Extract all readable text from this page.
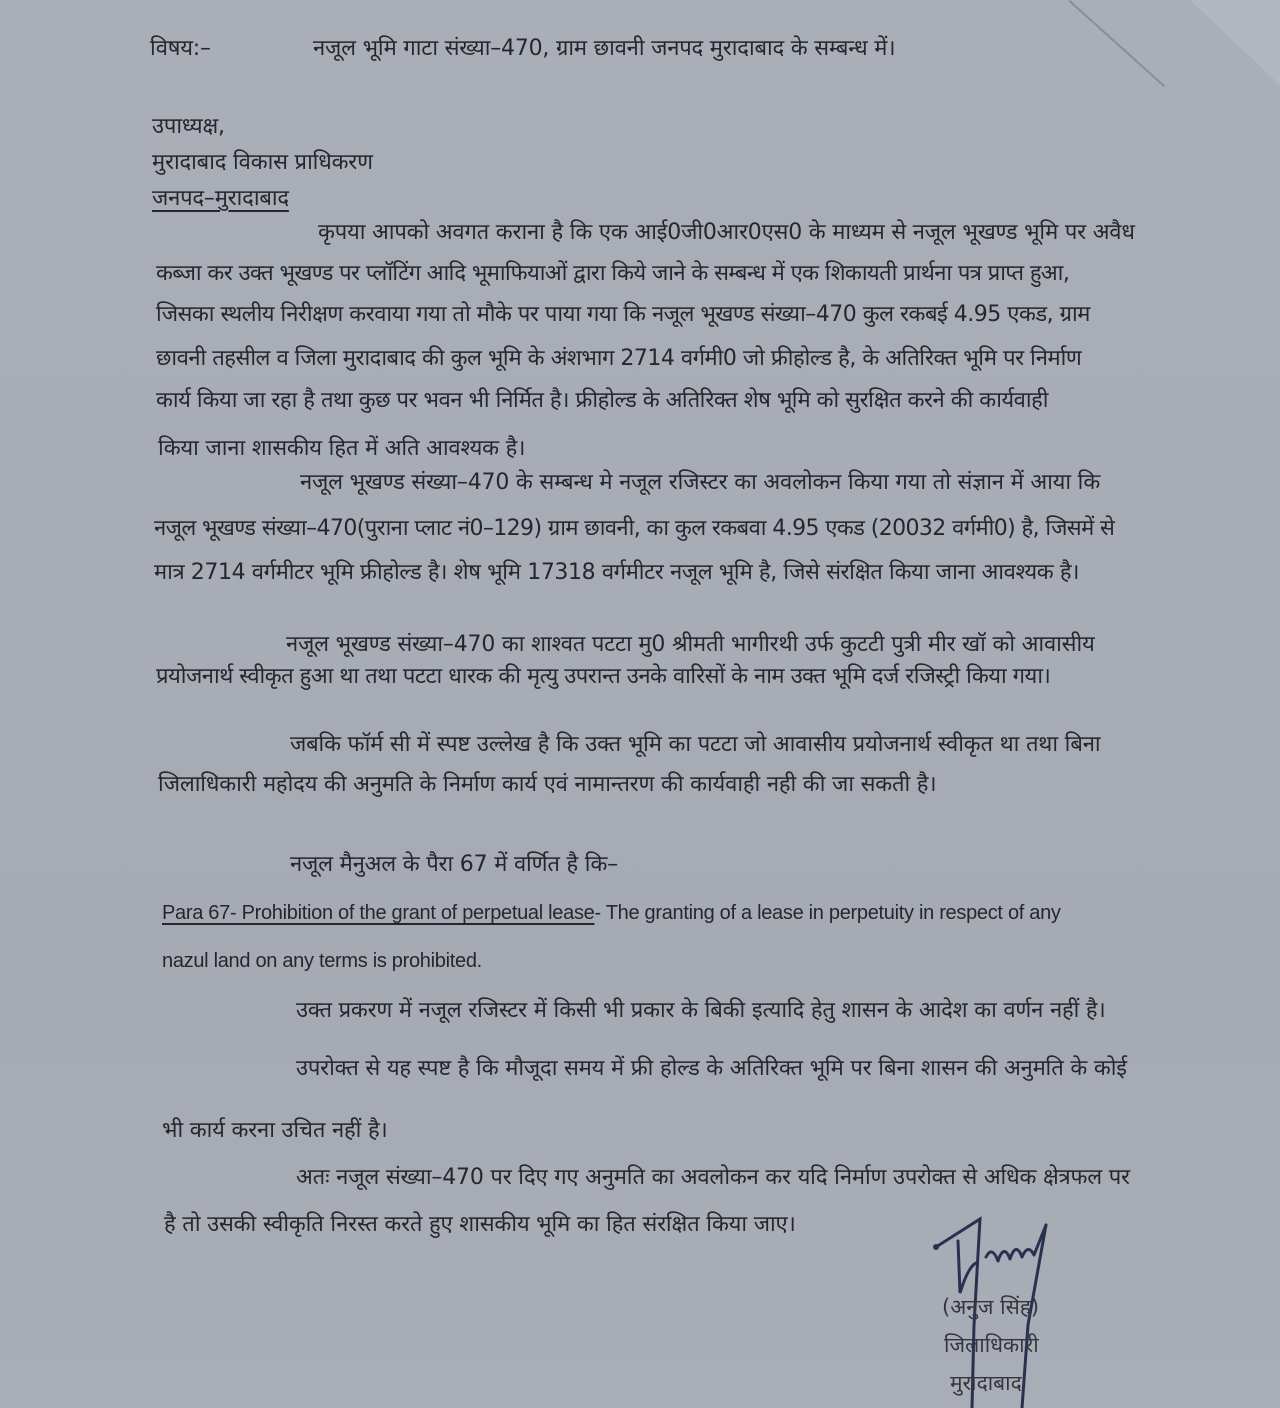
विषय:–	नजूल भूमि गाटा संख्या–470, ग्राम छावनी जनपद मुरादाबाद के सम्बन्ध में।
उपाध्यक्ष,
मुरादाबाद विकास प्राधिकरण
जनपद–मुरादाबाद
कृपया आपको अवगत कराना है कि एक आई0जी0आर0एस0 के माध्यम से नजूल भूखण्ड भूमि पर अवैध
कब्जा कर उक्त भूखण्ड पर प्लॉटिंग आदि भूमाफियाओं द्वारा किये जाने के सम्बन्ध में एक शिकायती प्रार्थना पत्र प्राप्त हुआ,
जिसका स्थलीय निरीक्षण करवाया गया तो मौके पर पाया गया कि नजूल भूखण्ड संख्या–470 कुल रकबई 4.95 एकड, ग्राम
छावनी तहसील व जिला मुरादाबाद की कुल भूमि के अंशभाग 2714 वर्गमी0 जो फ्रीहोल्ड है, के अतिरिक्त भूमि पर निर्माण
कार्य किया जा रहा है तथा कुछ पर भवन भी निर्मित है। फ्रीहोल्ड के अतिरिक्त शेष भूमि को सुरक्षित करने की कार्यवाही
किया जाना शासकीय हित में अति आवश्यक है।
नजूल भूखण्ड संख्या–470 के सम्बन्ध मे नजूल रजिस्टर का अवलोकन किया गया तो संज्ञान में आया कि
नजूल भूखण्ड संख्या–470(पुराना प्लाट नं0–129) ग्राम छावनी, का कुल रकबवा 4.95 एकड (20032 वर्गमी0) है, जिसमें से
मात्र 2714 वर्गमीटर भूमि फ्रीहोल्ड है। शेष भूमि 17318 वर्गमीटर नजूल भूमि है, जिसे संरक्षित किया जाना आवश्यक है।
नजूल भूखण्ड संख्या–470 का शाश्वत पटटा मु0 श्रीमती भागीरथी उर्फ कुटटी पुत्री मीर खॉ को आवासीय
प्रयोजनार्थ स्वीकृत हुआ था तथा पटटा धारक की मृत्यु उपरान्त उनके वारिसों के नाम उक्त भूमि दर्ज रजिस्ट्री किया गया।
जबकि फॉर्म सी में स्पष्ट उल्लेख है कि उक्त भूमि का पटटा जो आवासीय प्रयोजनार्थ स्वीकृत था तथा बिना
जिलाधिकारी महोदय की अनुमति के निर्माण कार्य एवं नामान्तरण की कार्यवाही नही की जा सकती है।
नजूल मैनुअल के पैरा 67 में वर्णित है कि–
Para 67- Prohibition of the grant of perpetual lease- The granting of a lease in perpetuity in respect of any
nazul land on any terms is prohibited.
उक्त प्रकरण में नजूल रजिस्टर में किसी भी प्रकार के बिकी इत्यादि हेतु शासन के आदेश का वर्णन नहीं है।
उपरोक्त से यह स्पष्ट है कि मौजूदा समय में फ्री होल्ड के अतिरिक्त भूमि पर बिना शासन की अनुमति के कोई
भी कार्य करना उचित नहीं है।
अतः नजूल संख्या–470 पर दिए गए अनुमति का अवलोकन कर यदि निर्माण उपरोक्त से अधिक क्षेत्रफल पर
है तो उसकी स्वीकृति निरस्त करते हुए शासकीय भूमि का हित संरक्षित किया जाए।
(अनुज सिंह)
जिलाधिकारी
मुरादाबाद
